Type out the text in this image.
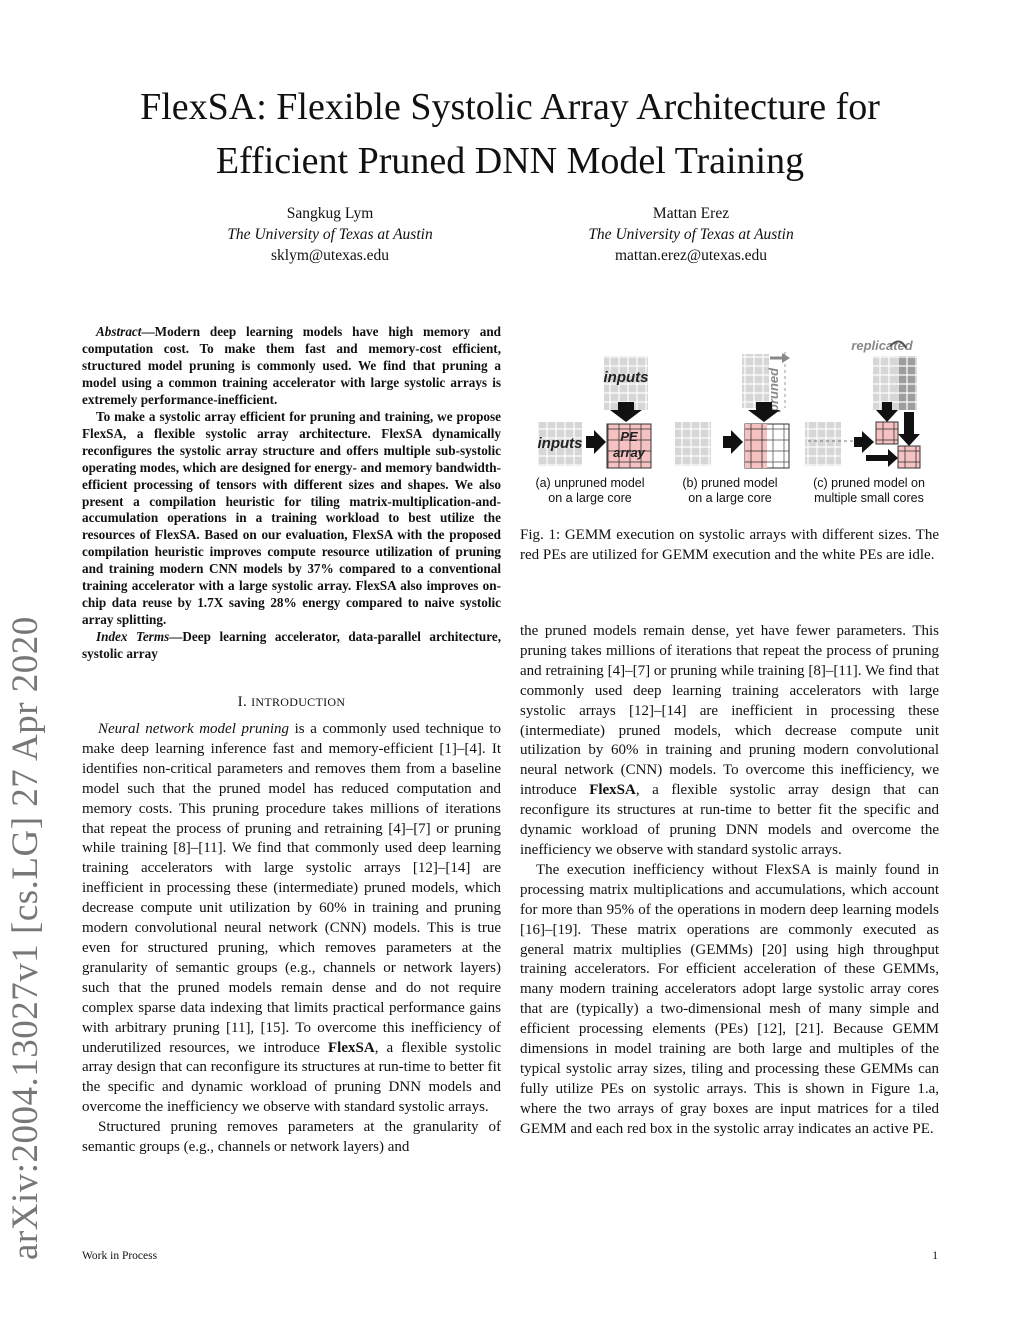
arXiv:2004.13027v1 [cs.LG] 27 Apr 2020
FlexSA: Flexible Systolic Array Architecture for
Efficient Pruned DNN Model Training
Sangkug Lym
The University of Texas at Austin
sklym@utexas.edu
Mattan Erez
The University of Texas at Austin
mattan.erez@utexas.edu

Abstract—Modern deep learning models have high memory and computation cost. To make them fast and memory-cost efficient, structured model pruning is commonly used. We find that pruning a model using a common training accelerator with large systolic arrays is extremely performance-inefficient.

To make a systolic array efficient for pruning and training, we propose FlexSA, a flexible systolic array architecture. FlexSA dynamically reconfigures the systolic array structure and offers multiple sub-systolic operating modes, which are designed for energy- and memory bandwidth-efficient processing of tensors with different sizes and shapes. We also present a compilation heuristic for tiling matrix-multiplication-and-accumulation operations in a training workload to best utilize the resources of FlexSA. Based on our evaluation, FlexSA with the proposed compilation heuristic improves compute resource utilization of pruning and training modern CNN models by 37% compared to a conventional training accelerator with a large systolic array. FlexSA also improves on-chip data reuse by 1.7X saving 28% energy compared to naive systolic array splitting.

Index Terms—Deep learning accelerator, data-parallel architecture, systolic array

I. INTRODUCTION

Neural network model pruning is a commonly used technique to make deep learning inference fast and memory-efficient [1]–[4]. It identifies non-critical parameters and removes them from a baseline model such that the pruned model has reduced computation and memory costs. This pruning procedure takes millions of iterations that repeat the process of pruning and retraining [4]–[7] or pruning while training [8]–[11]. We find that commonly used deep learning training accelerators with large systolic arrays [12]–[14] are inefficient in processing these (intermediate) pruned models, which decrease compute unit utilization by 60% in training and pruning modern convolutional neural network (CNN) models. This is true even for structured pruning, which removes parameters at the granularity of semantic groups (e.g., channels or network layers) such that the pruned models remain dense and do not require complex sparse data indexing that limits practical performance gains with arbitrary pruning [11], [15]. To overcome this inefficiency of underutilized resources, we introduce FlexSA, a flexible systolic array design that can reconfigure its structures at run-time to better fit the specific and dynamic workload of pruning DNN models and overcome the inefficiency we observe with standard systolic arrays.

Structured pruning removes parameters at the granularity of semantic groups (e.g., channels or network layers) and

inputs
inputs	PE
array
pruned
replicated
(a) unpruned model
on a large core
(b) pruned model
on a large core
(c) pruned model on
multiple small cores
Fig. 1: GEMM execution on systolic arrays with different sizes. The red PEs are utilized for GEMM execution and the white PEs are idle.

the pruned models remain dense, yet have fewer parameters. This pruning takes millions of iterations that repeat the process of pruning and retraining [4]–[7] or pruning while training [8]–[11]. We find that commonly used deep learning training accelerators with large systolic arrays [12]–[14] are inefficient in processing these (intermediate) pruned models, which decrease compute unit utilization by 60% in training and pruning modern convolutional neural network (CNN) models. To overcome this inefficiency, we introduce FlexSA, a flexible systolic array design that can reconfigure its structures at run-time to better fit the specific and dynamic workload of pruning DNN models and overcome the inefficiency we observe with standard systolic arrays.

The execution inefficiency without FlexSA is mainly found in processing matrix multiplications and accumulations, which account for more than 95% of the operations in modern deep learning models [16]–[19]. These matrix operations are commonly executed as general matrix multiplies (GEMMs) [20] using high throughput training accelerators. For efficient acceleration of these GEMMs, many modern training accelerators adopt large systolic array cores that are (typically) a two-dimensional mesh of many simple and efficient processing elements (PEs) [12], [21]. Because GEMM dimensions in model training are both large and multiples of the typical systolic array sizes, tiling and processing these GEMMs can fully utilize PEs on systolic arrays. This is shown in Figure 1.a, where the two arrays of gray boxes are input matrices for a tiled GEMM and each red box in the systolic array indicates an active PE.

Work in Process	1
